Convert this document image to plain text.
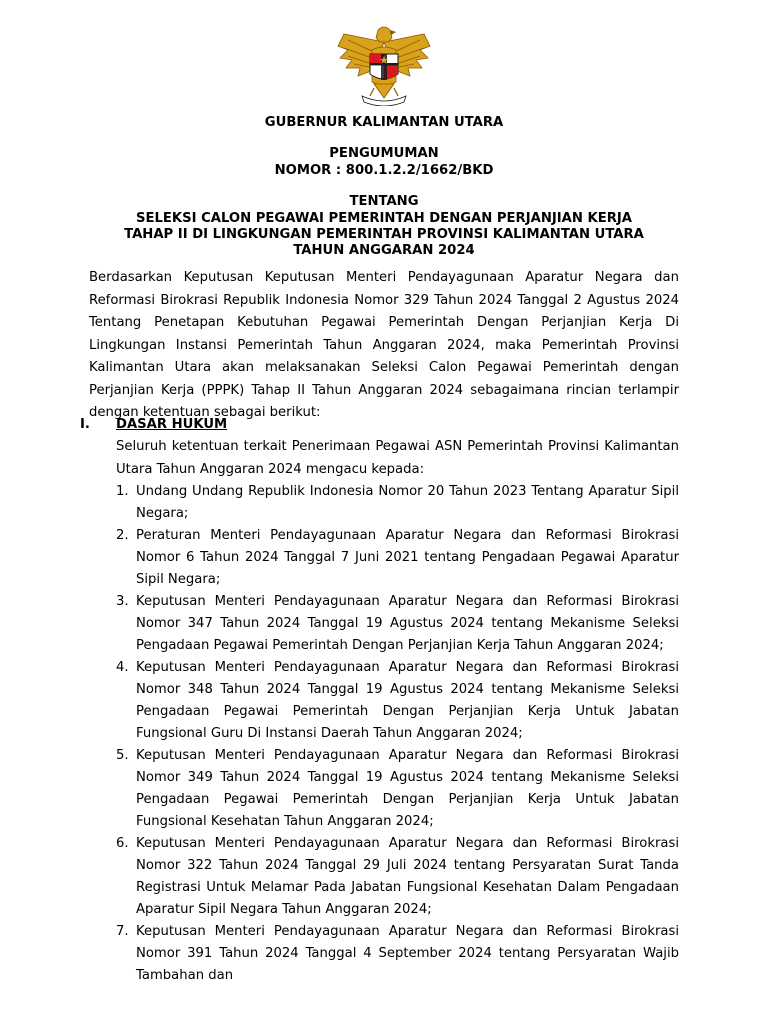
GUBERNUR KALIMANTAN UTARA
PENGUMUMAN
NOMOR : 800.1.2.2/1662/BKD
TENTANG
SELEKSI CALON PEGAWAI PEMERINTAH DENGAN PERJANJIAN KERJA
TAHAP II DI LINGKUNGAN PEMERINTAH PROVINSI KALIMANTAN UTARA
TAHUN ANGGARAN 2024
Berdasarkan Keputusan Keputusan Menteri Pendayagunaan Aparatur Negara dan Reformasi Birokrasi Republik Indonesia Nomor 329 Tahun 2024 Tanggal 2 Agustus 2024 Tentang Penetapan Kebutuhan Pegawai Pemerintah Dengan Perjanjian Kerja Di Lingkungan Instansi Pemerintah Tahun Anggaran 2024, maka Pemerintah Provinsi Kalimantan Utara akan melaksanakan Seleksi Calon Pegawai Pemerintah dengan Perjanjian Kerja (PPPK) Tahap II Tahun Anggaran 2024 sebagaimana rincian terlampir dengan ketentuan sebagai berikut:
I. DASAR HUKUM
Seluruh ketentuan terkait Penerimaan Pegawai ASN Pemerintah Provinsi Kalimantan Utara Tahun Anggaran 2024 mengacu kepada:
1. Undang Undang Republik Indonesia Nomor 20 Tahun 2023 Tentang Aparatur Sipil Negara;
2. Peraturan Menteri Pendayagunaan Aparatur Negara dan Reformasi Birokrasi Nomor 6 Tahun 2024 Tanggal 7 Juni 2021 tentang Pengadaan Pegawai Aparatur Sipil Negara;
3. Keputusan Menteri Pendayagunaan Aparatur Negara dan Reformasi Birokrasi Nomor 347 Tahun 2024 Tanggal 19 Agustus 2024 tentang Mekanisme Seleksi Pengadaan Pegawai Pemerintah Dengan Perjanjian Kerja Tahun Anggaran 2024;
4. Keputusan Menteri Pendayagunaan Aparatur Negara dan Reformasi Birokrasi Nomor 348 Tahun 2024 Tanggal 19 Agustus 2024 tentang Mekanisme Seleksi Pengadaan Pegawai Pemerintah Dengan Perjanjian Kerja Untuk Jabatan Fungsional Guru Di Instansi Daerah Tahun Anggaran 2024;
5. Keputusan Menteri Pendayagunaan Aparatur Negara dan Reformasi Birokrasi Nomor 349 Tahun 2024 Tanggal 19 Agustus 2024 tentang Mekanisme Seleksi Pengadaan Pegawai Pemerintah Dengan Perjanjian Kerja Untuk Jabatan Fungsional Kesehatan Tahun Anggaran 2024;
6. Keputusan Menteri Pendayagunaan Aparatur Negara dan Reformasi Birokrasi Nomor 322 Tahun 2024 Tanggal 29 Juli 2024 tentang Persyaratan Surat Tanda Registrasi Untuk Melamar Pada Jabatan Fungsional Kesehatan Dalam Pengadaan Aparatur Sipil Negara Tahun Anggaran 2024;
7. Keputusan Menteri Pendayagunaan Aparatur Negara dan Reformasi Birokrasi Nomor 391 Tahun 2024 Tanggal 4 September 2024 tentang Persyaratan Wajib Tambahan dan
